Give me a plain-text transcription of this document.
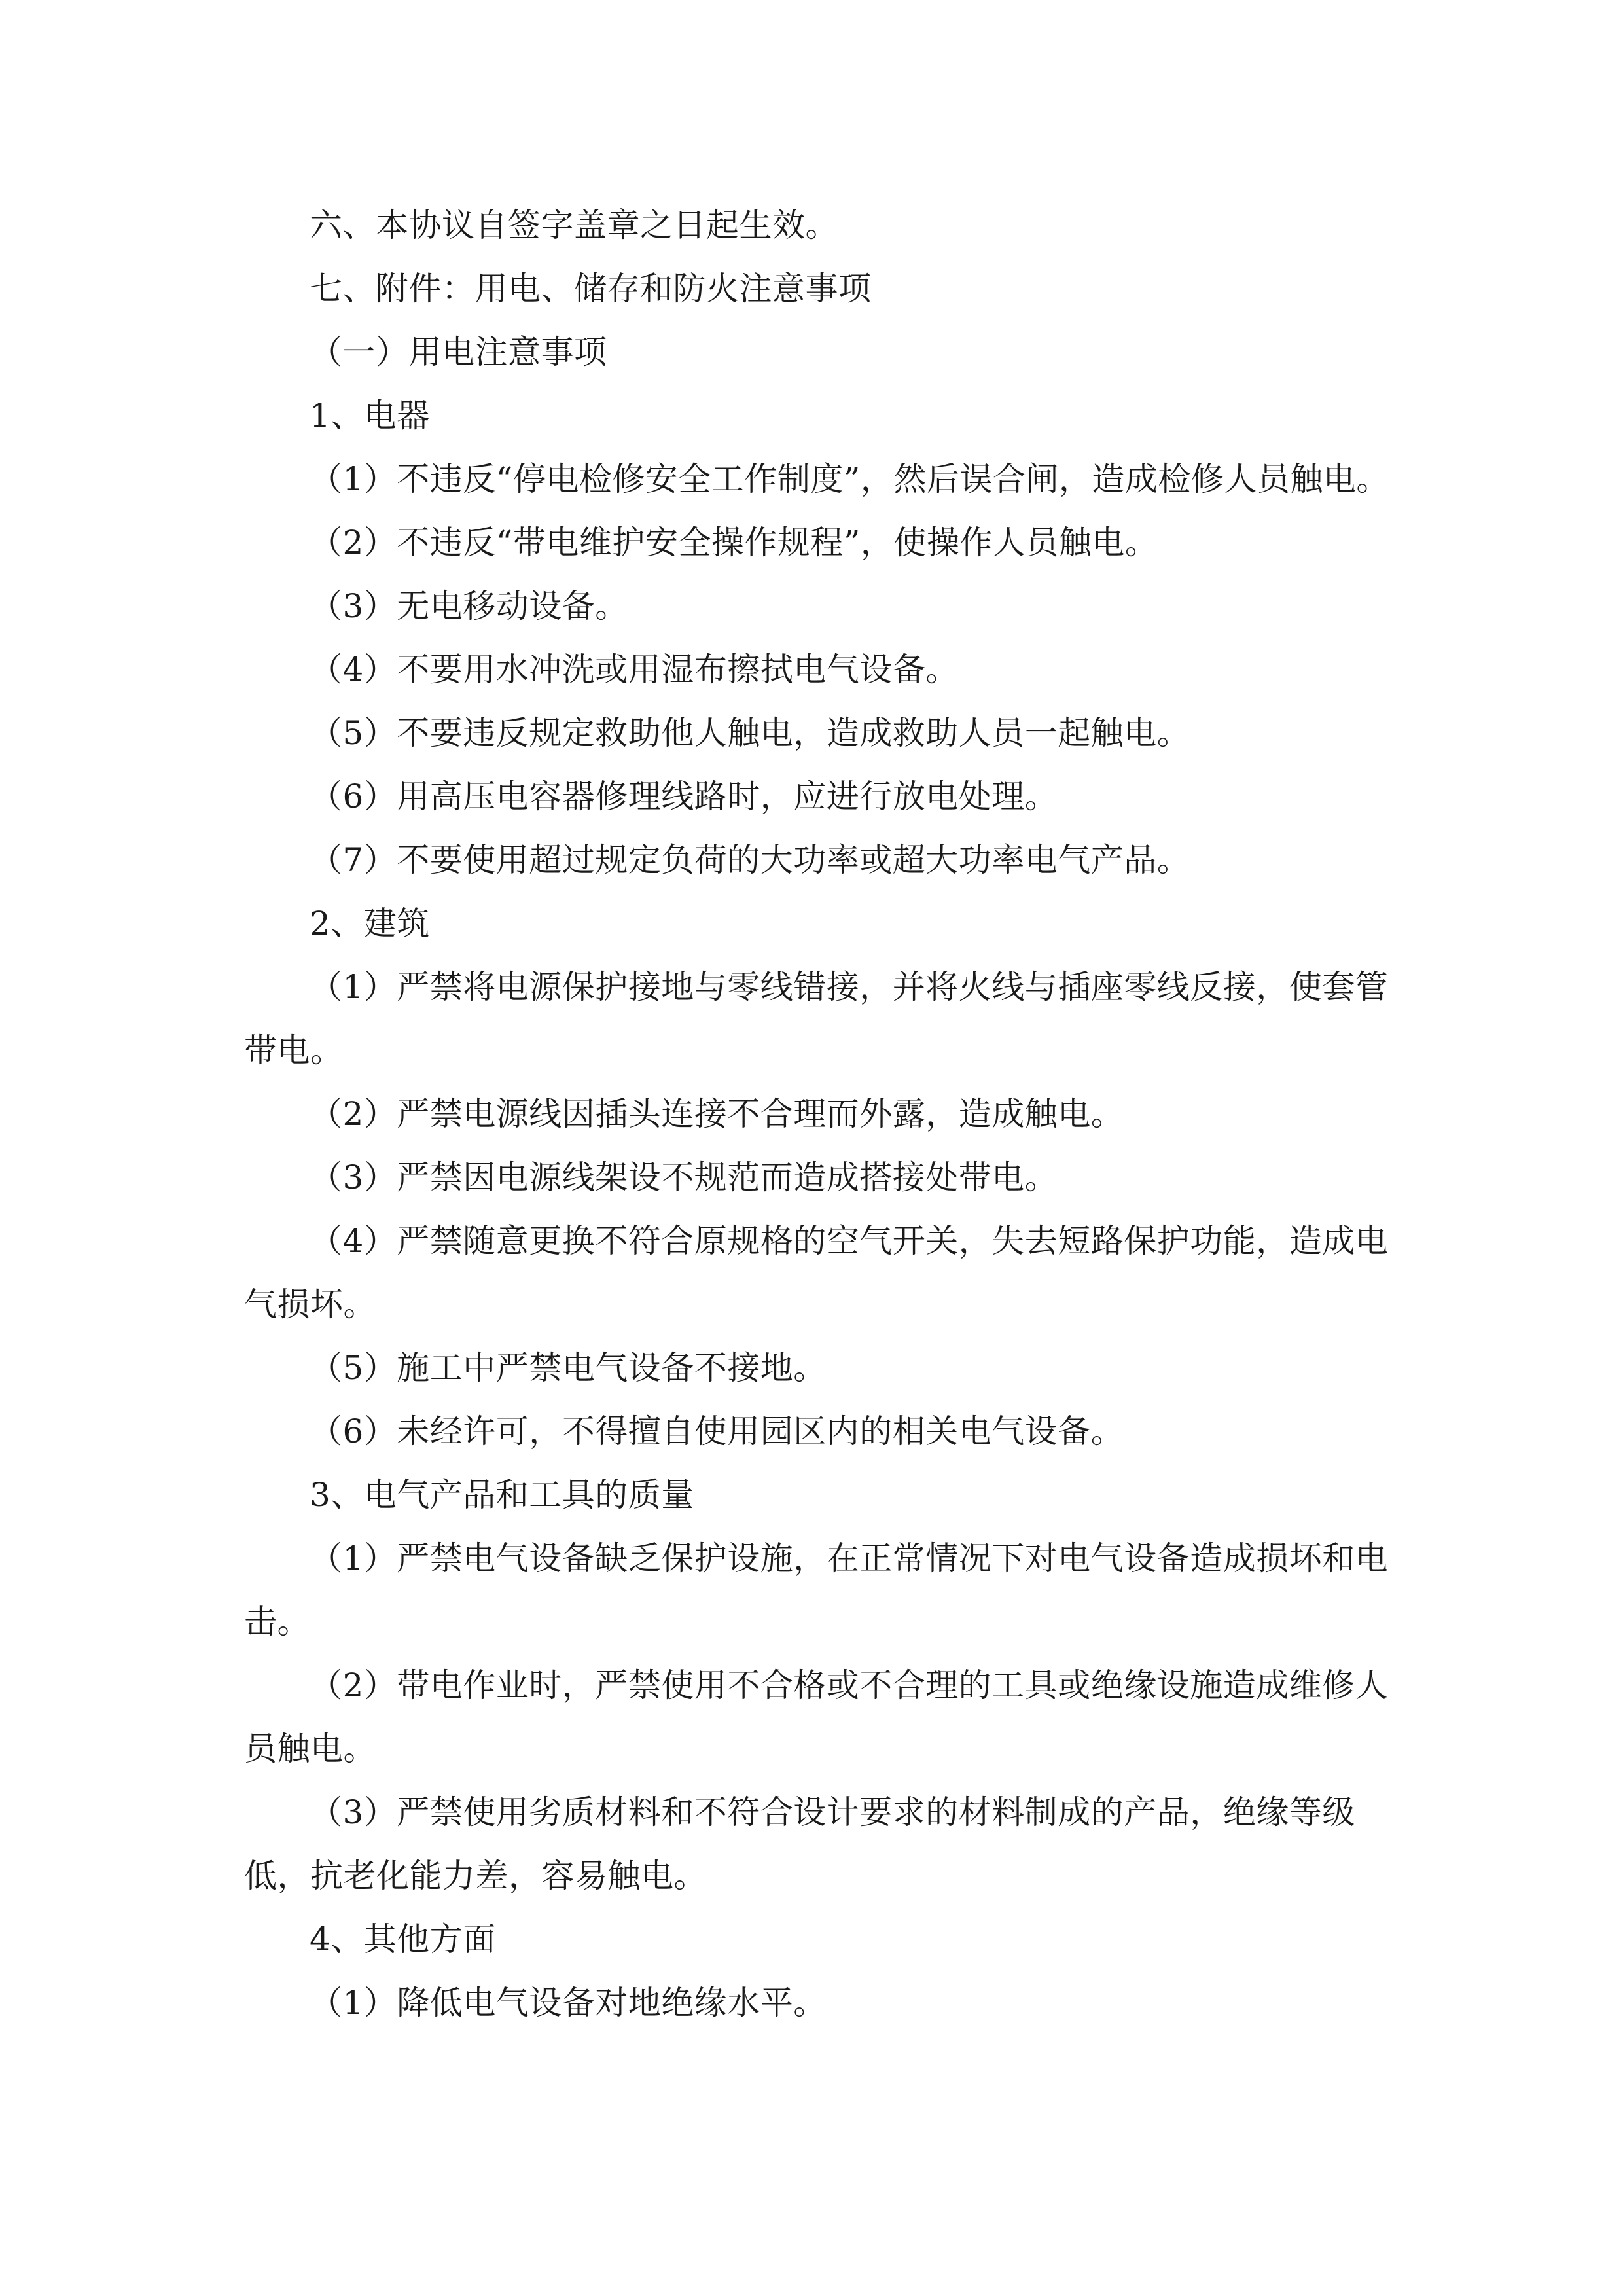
六、本协议自签字盖章之日起生效。

七、附件：用电、储存和防火注意事项

（一）用电注意事项

1、电器

（1）不违反“停电检修安全工作制度”，然后误合闸，造成检修人员触电。

（2）不违反“带电维护安全操作规程”，使操作人员触电。

（3）无电移动设备。

（4）不要用水冲洗或用湿布擦拭电气设备。

（5）不要违反规定救助他人触电，造成救助人员一起触电。

（6）用高压电容器修理线路时，应进行放电处理。

（7）不要使用超过规定负荷的大功率或超大功率电气产品。

2、建筑

（1）严禁将电源保护接地与零线错接，并将火线与插座零线反接，使套管带电。

（2）严禁电源线因插头连接不合理而外露，造成触电。

（3）严禁因电源线架设不规范而造成搭接处带电。

（4）严禁随意更换不符合原规格的空气开关，失去短路保护功能，造成电气损坏。

（5）施工中严禁电气设备不接地。

（6）未经许可，不得擅自使用园区内的相关电气设备。

3、电气产品和工具的质量

（1）严禁电气设备缺乏保护设施，在正常情况下对电气设备造成损坏和电击。

（2）带电作业时，严禁使用不合格或不合理的工具或绝缘设施造成维修人员触电。

（3）严禁使用劣质材料和不符合设计要求的材料制成的产品，绝缘等级低，抗老化能力差，容易触电。

4、其他方面

（1）降低电气设备对地绝缘水平。
